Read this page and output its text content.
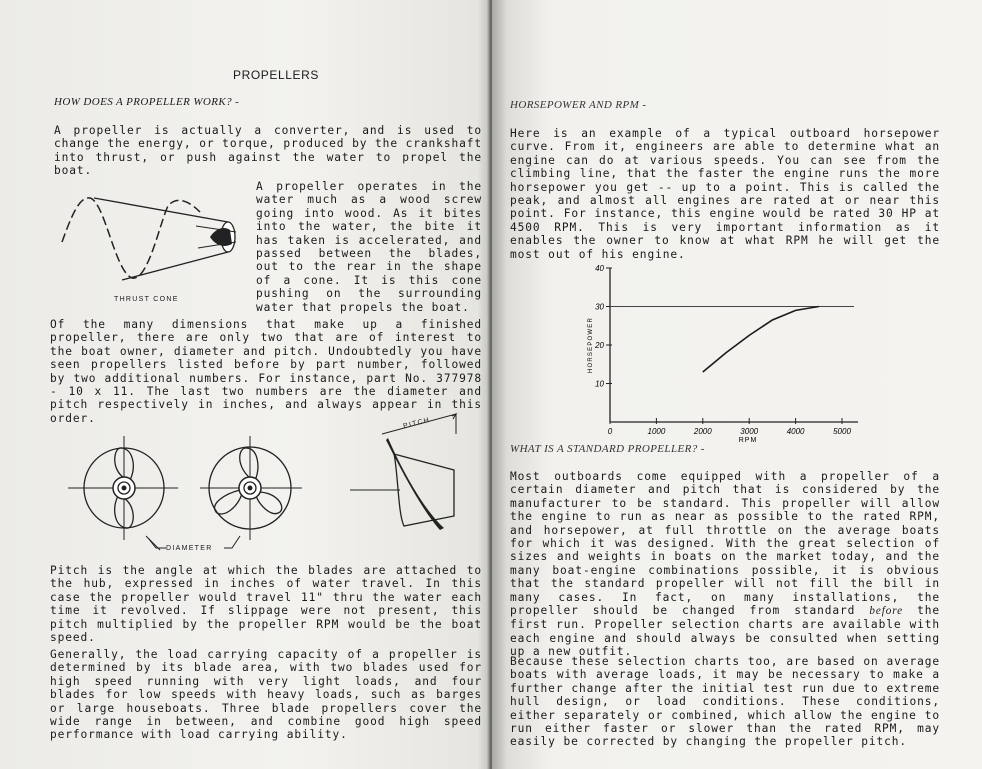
PROPELLERS
HOW DOES A PROPELLER WORK? -

A propeller is actually a converter, and is used to change the energy, or torque, produced by the crankshaft into thrust, or push against the water to propel the boat.

THRUST CONE

A propeller operates in the water much as a wood screw going into wood. As it bites into the water, the bite it has taken is accelerated, and passed between the blades, out to the rear in the shape of a cone. It is this cone pushing on the surrounding water that propels the boat.

Of the many dimensions that make up a finished propeller, there are only two that are of interest to the boat owner, diameter and pitch. Undoubtedly you have seen propellers listed before by part number, followed by two additional numbers. For instance, part No. 377978 - 10 x 11. The last two numbers are the diameter and pitch respectively in inches, and always appear in this order.

DIAMETER
PITCH

Pitch is the angle at which the blades are attached to the hub, expressed in inches of water travel. In this case the propeller would travel 11" thru the water each time it revolved. If slippage were not present, this pitch multiplied by the propeller RPM would be the boat speed.

Generally, the load carrying capacity of a propeller is determined by its blade area, with two blades used for high speed running with very light loads, and four blades for low speeds with heavy loads, such as barges or large houseboats. Three blade propellers cover the wide range in between, and combine good high speed performance with load carrying ability.

HORSEPOWER AND RPM -

Here is an example of a typical outboard horsepower curve. From it, engineers are able to determine what an engine can do at various speeds. You can see from the climbing line, that the faster the engine runs the more horsepower you get -- up to a point. This is called the peak, and almost all engines are rated at or near this point. For instance, this engine would be rated 30 HP at 4500 RPM. This is very important information as it enables the owner to know at what RPM he will get the most out of his engine.

10
20
30
40
0	1000	2000	3000	4000	5000
RPM
HORSEPOWER
WHAT IS A STANDARD PROPELLER? -

Most outboards come equipped with a propeller of a certain diameter and pitch that is considered by the manufacturer to be standard. This propeller will allow the engine to run as near as possible to the rated RPM, and horsepower, at full throttle on the average boats for which it was designed. With the great selection of sizes and weights in boats on the market today, and the many boat-engine combinations possible, it is obvious that the standard propeller will not fill the bill in many cases. In fact, on many installations, the propeller should be changed from standard before the first run. Propeller selection charts are available with each engine and should always be consulted when setting up a new outfit.

Because these selection charts too, are based on average boats with average loads, it may be necessary to make a further change after the initial test run due to extreme hull design, or load conditions. These conditions, either separately or combined, which allow the engine to run either faster or slower than the rated RPM, may easily be corrected by changing the propeller pitch.
